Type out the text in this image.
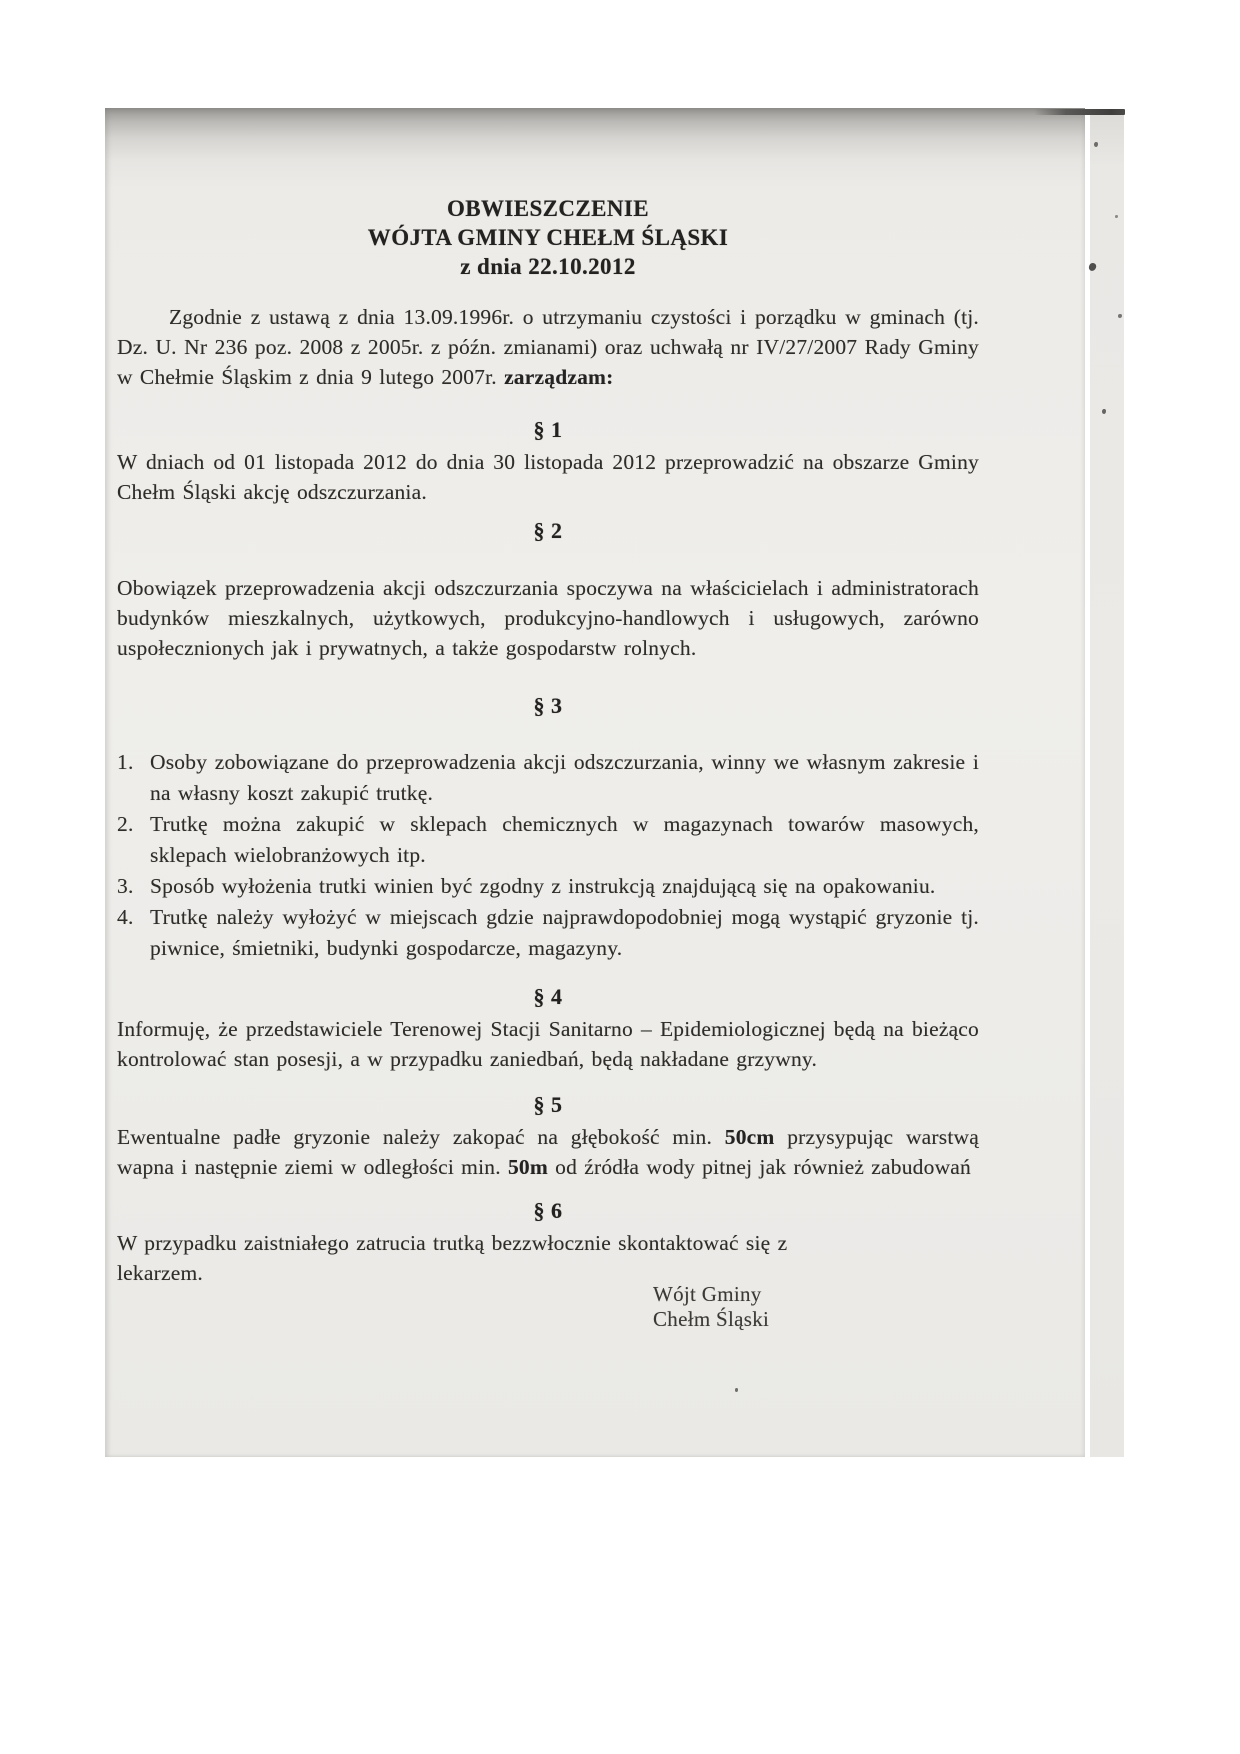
OBWIESZCZENIE
WÓJTA GMINY CHEŁM ŚLĄSKI
z dnia 22.10.2012

Zgodnie z ustawą z dnia 13.09.1996r. o utrzymaniu czystości i porządku w gminach (tj. Dz. U. Nr 236 poz. 2008 z 2005r. z późn. zmianami) oraz uchwałą nr IV/27/2007 Rady Gminy w Chełmie Śląskim z dnia 9 lutego 2007r. zarządzam:

§ 1

W dniach od 01 listopada 2012 do dnia 30 listopada 2012 przeprowadzić na obszarze Gminy Chełm Śląski akcję odszczurzania.

§ 2

Obowiązek przeprowadzenia akcji odszczurzania spoczywa na właścicielach i administratorach budynków mieszkalnych, użytkowych, produkcyjno-handlowych i usługowych, zarówno uspołecznionych jak i prywatnych, a także gospodarstw rolnych.

§ 3
1. Osoby zobowiązane do przeprowadzenia akcji odszczurzania, winny we własnym zakresie i na własny koszt zakupić trutkę.
2. Trutkę można zakupić w sklepach chemicznych w magazynach towarów masowych, sklepach wielobranżowych itp.
3. Sposób wyłożenia trutki winien być zgodny z instrukcją znajdującą się na opakowaniu.
4. Trutkę należy wyłożyć w miejscach gdzie najprawdopodobniej mogą wystąpić gryzonie tj. piwnice, śmietniki, budynki gospodarcze, magazyny.
§ 4

Informuję, że przedstawiciele Terenowej Stacji Sanitarno – Epidemiologicznej będą na bieżąco kontrolować stan posesji, a w przypadku zaniedbań, będą nakładane grzywny.

§ 5

Ewentualne padłe gryzonie należy zakopać na głębokość min. 50cm przysypując warstwą wapna i następnie ziemi w odległości min. 50m od źródła wody pitnej jak również zabudowań

§ 6

W przypadku zaistniałego zatrucia trutką bezzwłocznie skontaktować się z lekarzem.

Wójt Gminy
Chełm Śląski
